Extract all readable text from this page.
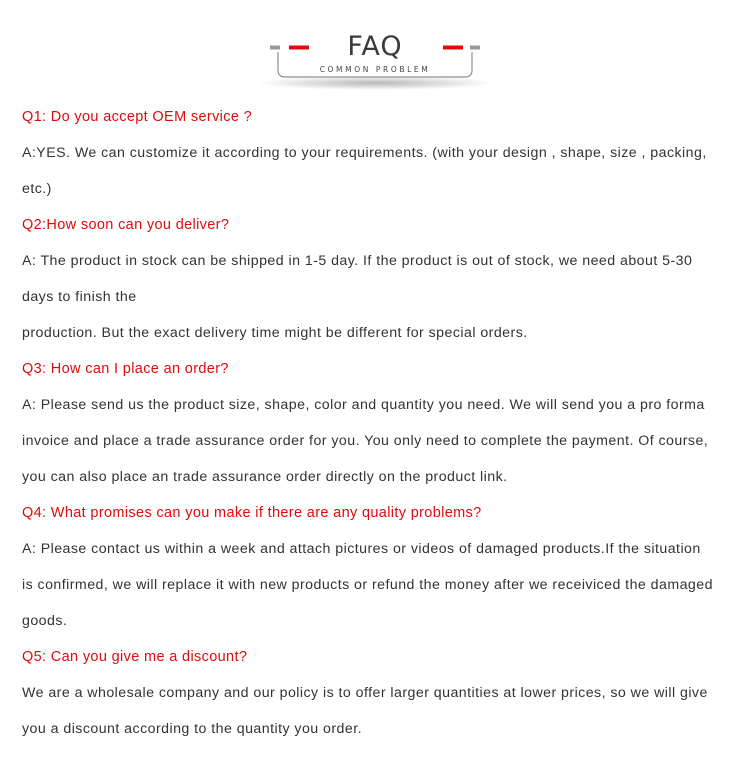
FAQ
COMMON PROBLEM
Q1: Do you accept OEM service ?
A:YES. We can customize it according to your requirements. (with your design , shape, size , packing,
etc.)
Q2:How soon can you deliver?
A: The product in stock can be shipped in 1-5 day. If the product is out of stock, we need about 5-30
days to finish the
production. But the exact delivery time might be different for special orders.
Q3: How can I place an order?
A: Please send us the product size, shape, color and quantity you need. We will send you a pro forma
invoice and place a trade assurance order for you. You only need to complete the payment. Of course,
you can also place an trade assurance order directly on the product link.
Q4: What promises can you make if there are any quality problems?
A: Please contact us within a week and attach pictures or videos of damaged products.If the situation
is confirmed, we will replace it with new products or refund the money after we receiviced the damaged
goods.
Q5: Can you give me a discount?
We are a wholesale company and our policy is to offer larger quantities at lower prices, so we will give
you a discount according to the quantity you order.
